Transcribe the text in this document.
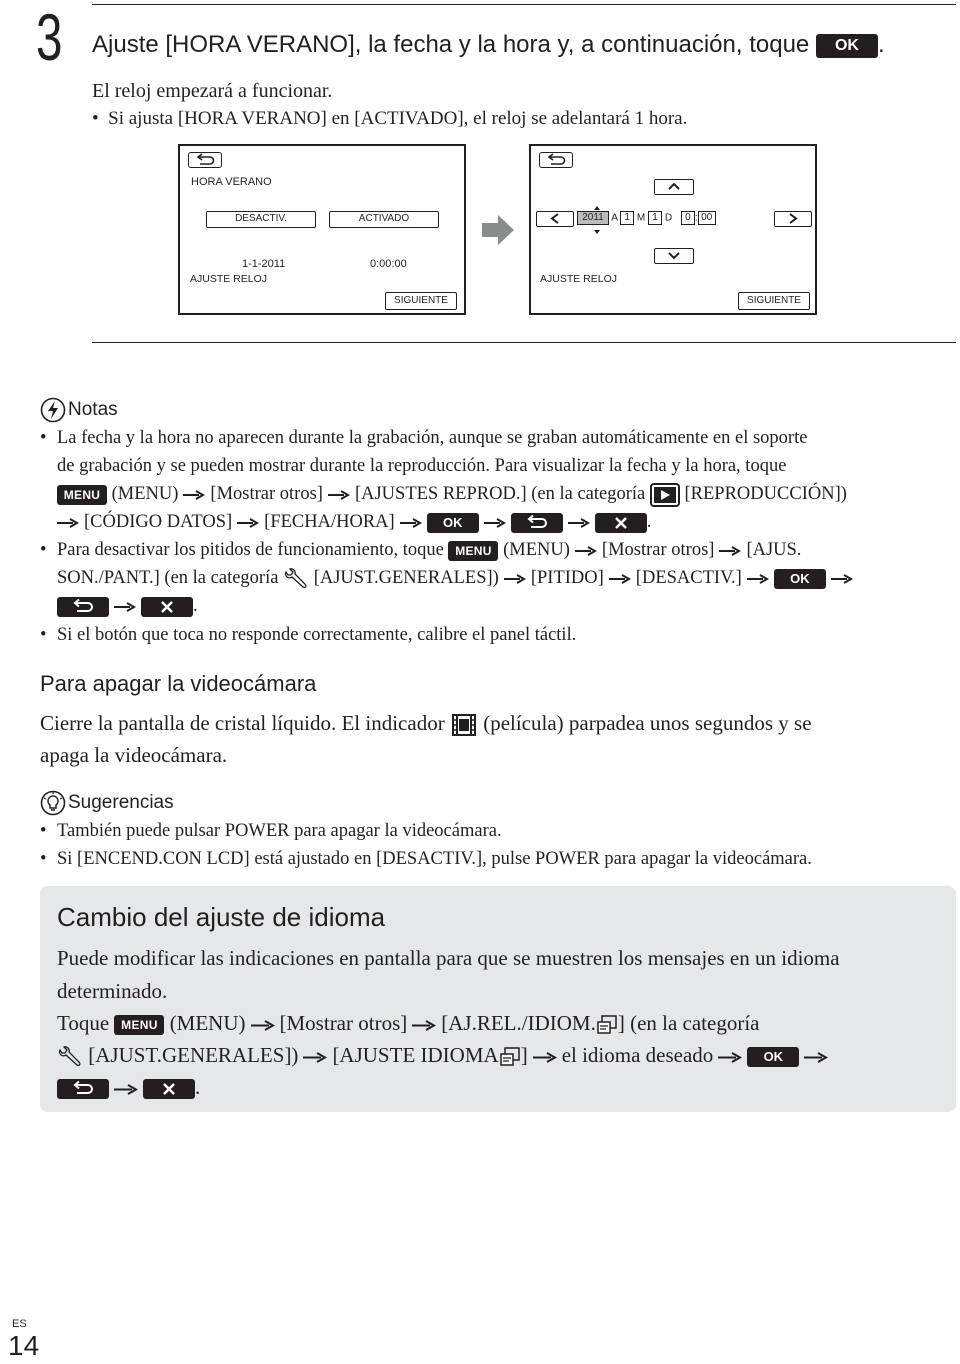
3 Ajuste [HORA VERANO], la fecha y la hora y, a continuación, toque OK .
El reloj empezará a funcionar.
• Si ajusta [HORA VERANO] en [ACTIVADO], el reloj se adelantará 1 hora.
HORA VERANO
DESACTIV.	ACTIVADO
1-1-2011	0:00:00
AJUSTE RELOJ
SIGUIENTE
2011 A 1 M 1 D 0 : 00
AJUSTE RELOJ
SIGUIENTE
Notas
• La fecha y la hora no aparecen durante la grabación, aunque se graban automáticamente en el soporte
de grabación y se pueden mostrar durante la reproducción. Para visualizar la fecha y la hora, toque
MENU (MENU) [Mostrar otros] [AJUSTES REPROD.] (en la categoría [REPRODUCCIÓN])
[CÓDIGO DATOS] [FECHA/HORA]	OK	.
• Para desactivar los pitidos de funcionamiento, toque MENU (MENU) [Mostrar otros] [AJUS.
SON./PANT.] (en la categoría [AJUST.GENERALES]) [PITIDO] [DESACTIV.]	OK
.
• Si el botón que toca no responde correctamente, calibre el panel táctil.
Para apagar la videocámara
Cierre la pantalla de cristal líquido. El indicador (película) parpadea unos segundos y se
apaga la videocámara.
Sugerencias
• También puede pulsar POWER para apagar la videocámara.
• Si [ENCEND.CON LCD] está ajustado en [DESACTIV.], pulse POWER para apagar la videocámara.
Cambio del ajuste de idioma
Puede modificar las indicaciones en pantalla para que se muestren los mensajes en un idioma
determinado.
Toque MENU (MENU) [Mostrar otros] [AJ.REL./IDIOM. ] (en la categoría
[AJUST.GENERALES]) [AJUSTE IDIOMA ] el idioma deseado	OK
.
ES
14
